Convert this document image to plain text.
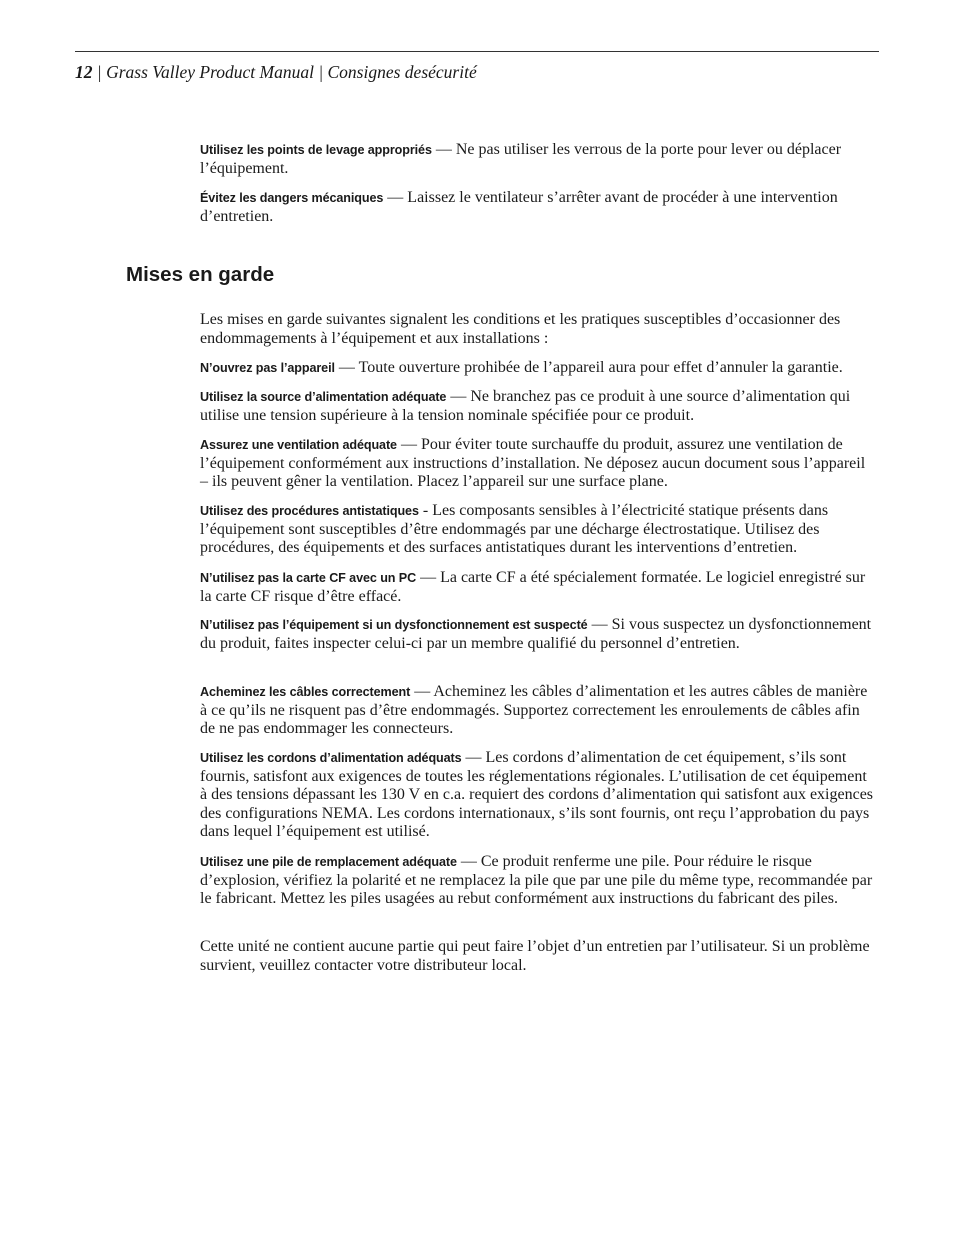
12 | Grass Valley Product Manual | Consignes desécurité

Utilisez les points de levage appropriés — Ne pas utiliser les verrous de la porte pour lever ou déplacer l’équipement.

Évitez les dangers mécaniques — Laissez le ventilateur s’arrêter avant de procéder à une intervention d’entretien.

Mises en garde

Les mises en garde suivantes signalent les conditions et les pratiques susceptibles d’occasionner des endommagements à l’équipement et aux installations :

N’ouvrez pas l’appareil — Toute ouverture prohibée de l’appareil aura pour effet d’annuler la garantie.

Utilisez la source d’alimentation adéquate — Ne branchez pas ce produit à une source d’alimentation qui utilise une tension supérieure à la tension nominale spécifiée pour ce produit.

Assurez une ventilation adéquate — Pour éviter toute surchauffe du produit, assurez une ventilation de l’équipement conformément aux instructions d’installation. Ne déposez aucun document sous l’appareil – ils peuvent gêner la ventilation. Placez l’appareil sur une surface plane.

Utilisez des procédures antistatiques - Les composants sensibles à l’électricité statique présents dans l’équipement sont susceptibles d’être endommagés par une décharge électrostatique. Utilisez des procédures, des équipements et des surfaces antistatiques durant les interventions d’entretien.

N’utilisez pas la carte CF avec un PC — La carte CF a été spécialement formatée. Le logiciel enregistré sur la carte CF risque d’être effacé.

N’utilisez pas l’équipement si un dysfonctionnement est suspecté — Si vous suspectez un dysfonctionnement du produit, faites inspecter celui-ci par un membre qualifié du personnel d’entretien.

Acheminez les câbles correctement — Acheminez les câbles d’alimentation et les autres câbles de manière à ce qu’ils ne risquent pas d’être endommagés. Supportez correctement les enroulements de câbles afin de ne pas endommager les connecteurs.

Utilisez les cordons d’alimentation adéquats — Les cordons d’alimentation de cet équipement, s’ils sont fournis, satisfont aux exigences de toutes les réglementations régionales. L’utilisation de cet équipement à des tensions dépassant les 130 V en c.a. requiert des cordons d’alimentation qui satisfont aux exigences des configurations NEMA. Les cordons internationaux, s’ils sont fournis, ont reçu l’approbation du pays dans lequel l’équipement est utilisé.

Utilisez une pile de remplacement adéquate — Ce produit renferme une pile. Pour réduire le risque d’explosion, vérifiez la polarité et ne remplacez la pile que par une pile du même type, recommandée par le fabricant. Mettez les piles usagées au rebut conformément aux instructions du fabricant des piles.

Cette unité ne contient aucune partie qui peut faire l’objet d’un entretien par l’utilisateur. Si un problème survient, veuillez contacter votre distributeur local.
